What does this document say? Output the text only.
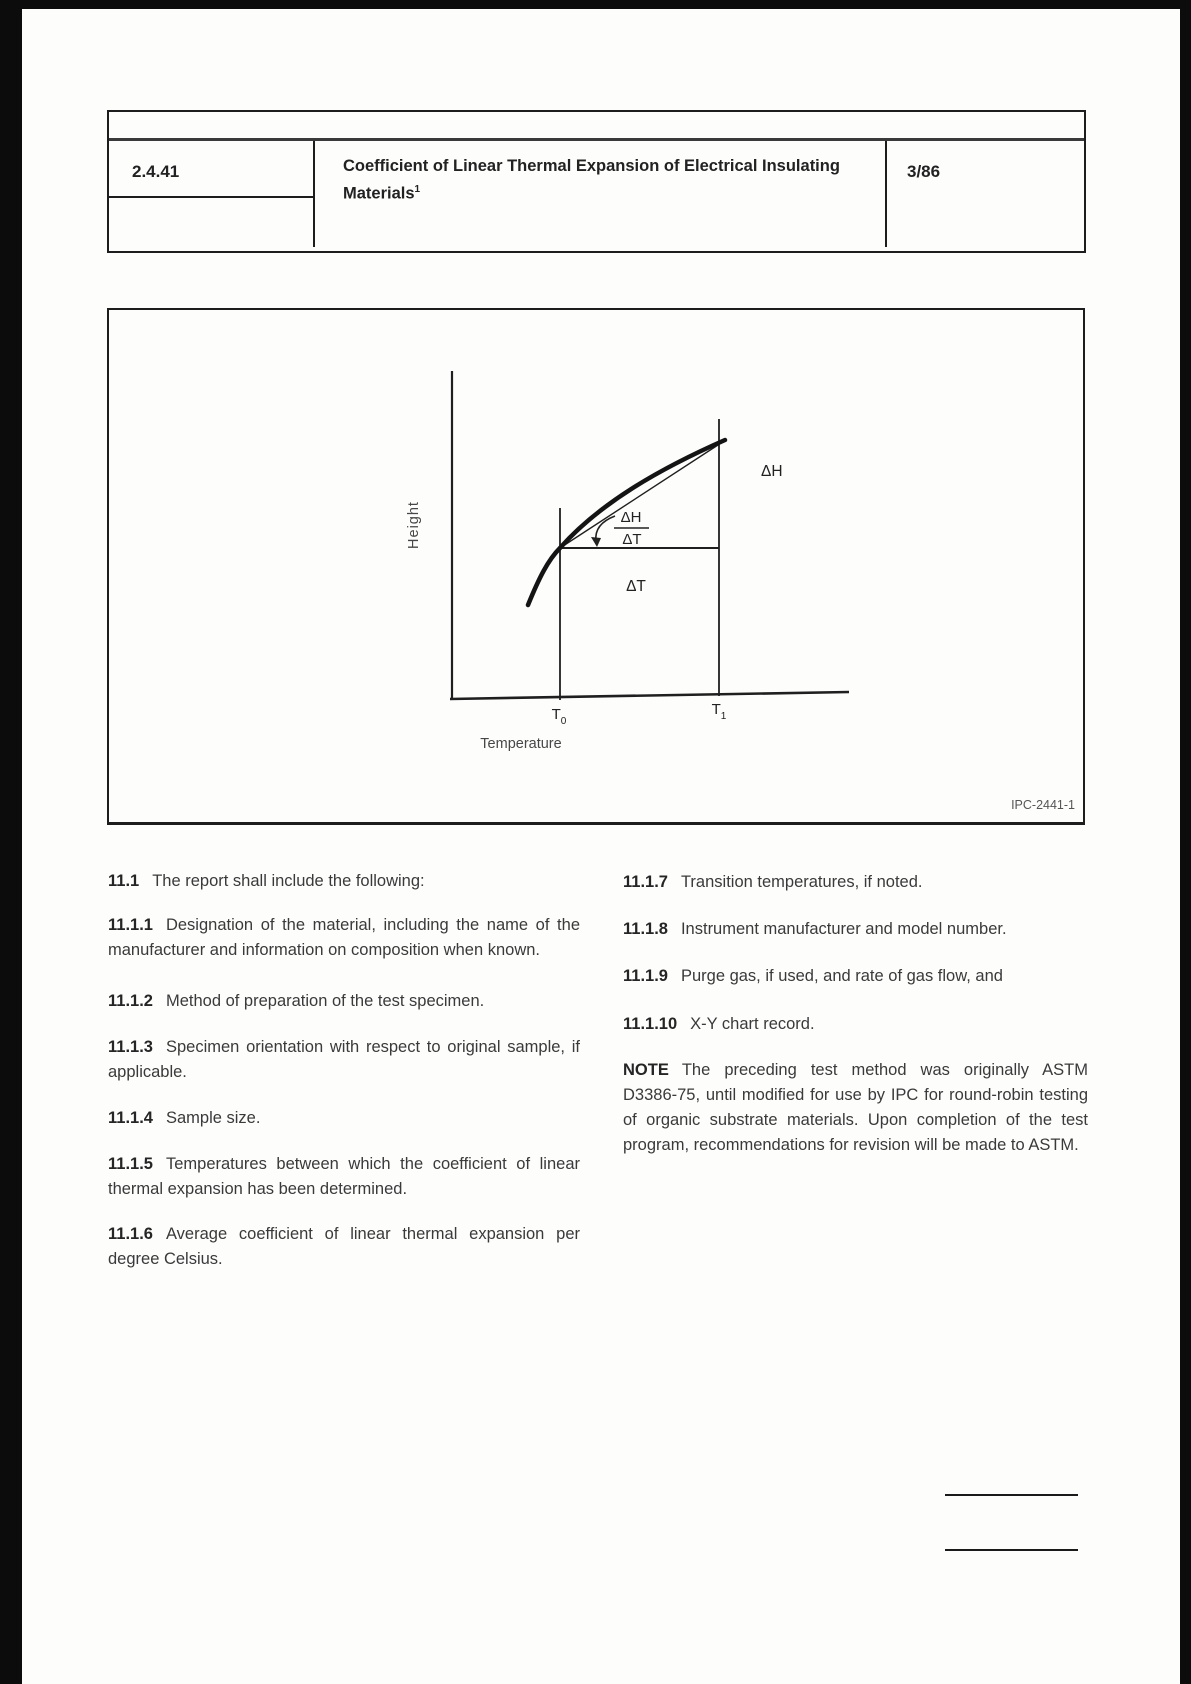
2.4.41	Coefficient of Linear Thermal Expansion of Electrical Insulating Materials$^1$
3/86
ΔH
ΔT
ΔH
ΔT
$T_0$
$T_1$
Height
Temperature
IPC-2441-1
11.1 The report shall include the following:
11.1.1 Designation of the material, including the name of the manufacturer and information on composition when known.
11.1.2 Method of preparation of the test specimen.
11.1.3 Specimen orientation with respect to original sample, if applicable.
11.1.4 Sample size.
11.1.5 Temperatures between which the coefficient of linear thermal expansion has been determined.
11.1.6 Average coefficient of linear thermal expansion per degree Celsius.
11.1.7 Transition temperatures, if noted.
11.1.8 Instrument manufacturer and model number.
11.1.9 Purge gas, if used, and rate of gas flow, and
11.1.10 X-Y chart record.
NOTE The preceding test method was originally ASTM D3386-75, until modified for use by IPC for round-robin testing of organic substrate materials. Upon completion of the test program, recommendations for revision will be made to ASTM.
